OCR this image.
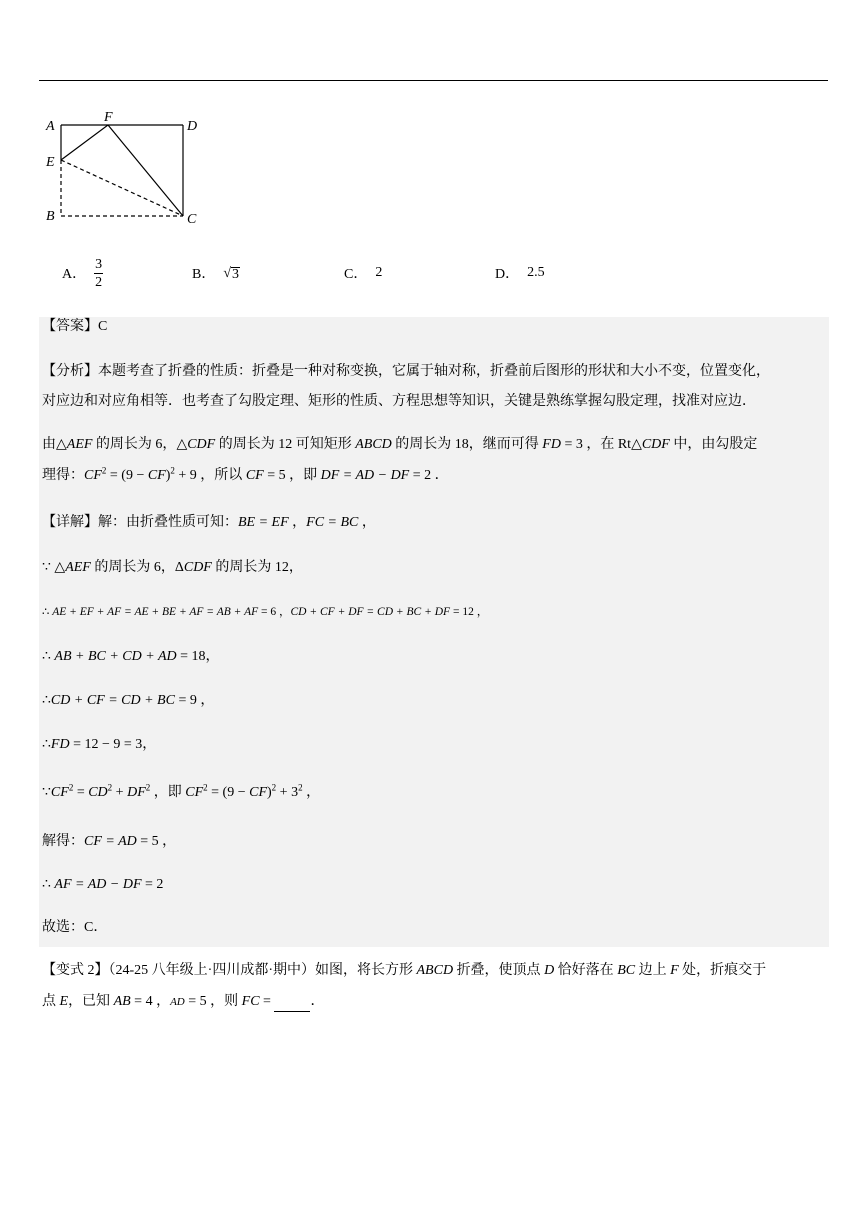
A
F
D
E
B	C
A． $\frac{3}{2}$	B． √ 3	C． 2	D． 2.5
【答案】C
【分析】本题考查了折叠的性质：折叠是一种对称变换，它属于轴对称，折叠前后图形的形状和大小不变，位置变化，
对应边和对应角相等．也考查了勾股定理、矩形的性质、方程思想等知识，关键是熟练掌握勾股定理，找准对应边．
由△AEF 的周长为 6，△CDF 的周长为 12 可知矩形 ABCD 的周长为 18，继而可得 FD = 3 ，在 Rt△CDF 中，由勾股定
理得：$CF^2 = (9 - CF)^2 + 9$ ，所以 CF = 5 ，即 DF = AD − DF = 2 ．
【详解】解：由折叠性质可知：BE = EF ，FC = BC ，
∵ △AEF 的周长为 6，ΔCDF 的周长为 12，
∴ AE + EF + AF = AE + BE + AF = AB + AF = 6 ，CD + CF + DF = CD + BC + DF = 12 ，
∴ AB + BC + CD + AD = 18，
∴CD + CF = CD + BC = 9 ，
∴FD = 12 − 9 = 3，
$\because CF^2 = CD^2 + DF^2$ ，即 $CF^2 = (9 - CF)^2 + 3^2$ ，
解得：CF = AD = 5 ，
∴ AF = AD − DF = 2
故选：C．
【变式 2】（24-25 八年级上·四川成都·期中）如图，将长方形 ABCD 折叠，使顶点 D 恰好落在 BC 边上 F 处，折痕交于
点 E，已知 AB = 4 ，AD = 5 ，则 FC =	．
